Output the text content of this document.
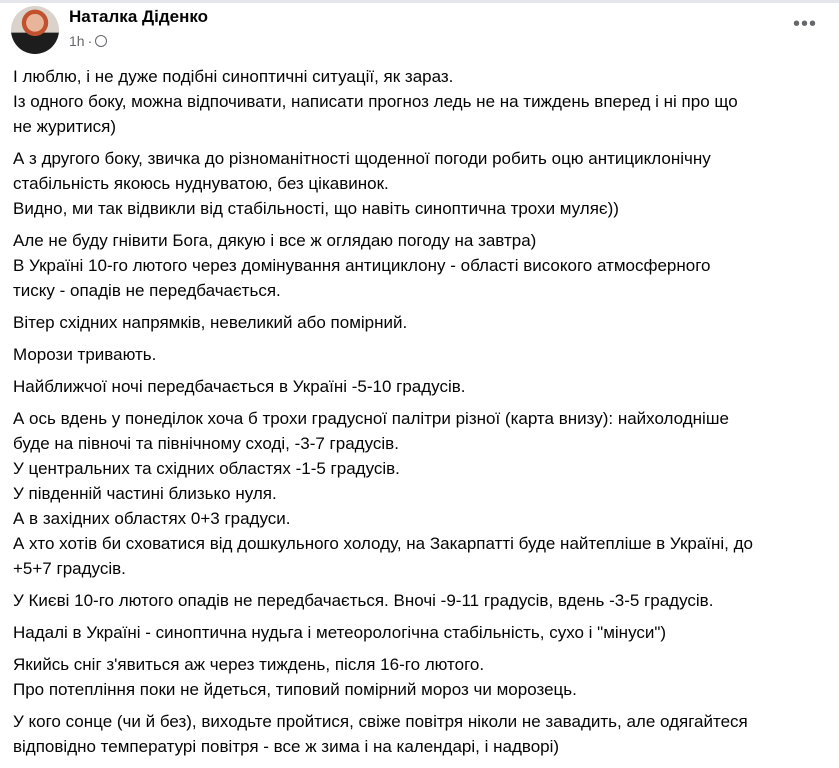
Наталка Діденко
1h ·
•••
І люблю, і не дуже подібні синоптичні ситуації, як зараз.
Із одного боку, можна відпочивати, написати прогноз ледь не на тиждень вперед і ні про що
не журитися)
А з другого боку, звичка до різноманітності щоденної погоди робить оцю антициклонічну
стабільність якоюсь нуднуватою, без цікавинок.
Видно, ми так відвикли від стабільності, що навіть синоптична трохи муляє))
Але не буду гнівити Бога, дякую і все ж оглядаю погоду на завтра)
В Україні 10-го лютого через домінування антициклону - області високого атмосферного
тиску - опадів не передбачається.
Вітер східних напрямків, невеликий або помірний.
Морози тривають.
Найближчої ночі передбачається в Україні -5-10 градусів.
А ось вдень у понеділок хоча б трохи градусної палітри різної (карта внизу): найхолодніше
буде на півночі та північному сході, -3-7 градусів.
У центральних та східних областях -1-5 градусів.
У південній частині близько нуля.
А в західних областях 0+3 градуси.
А хто хотів би сховатися від дошкульного холоду, на Закарпатті буде найтепліше в Україні, до
+5+7 градусів.
У Києві 10-го лютого опадів не передбачається. Вночі -9-11 градусів, вдень -3-5 градусів.
Надалі в Україні - синоптична нудьга і метеорологічна стабільність, сухо і "мінуси")
Якийсь сніг з'явиться аж через тиждень, після 16-го лютого.
Про потепління поки не йдеться, типовий помірний мороз чи морозець.
У кого сонце (чи й без), виходьте пройтися, свіже повітря ніколи не завадить, але одягайтеся
відповідно температурі повітря - все ж зима і на календарі, і надворі)
